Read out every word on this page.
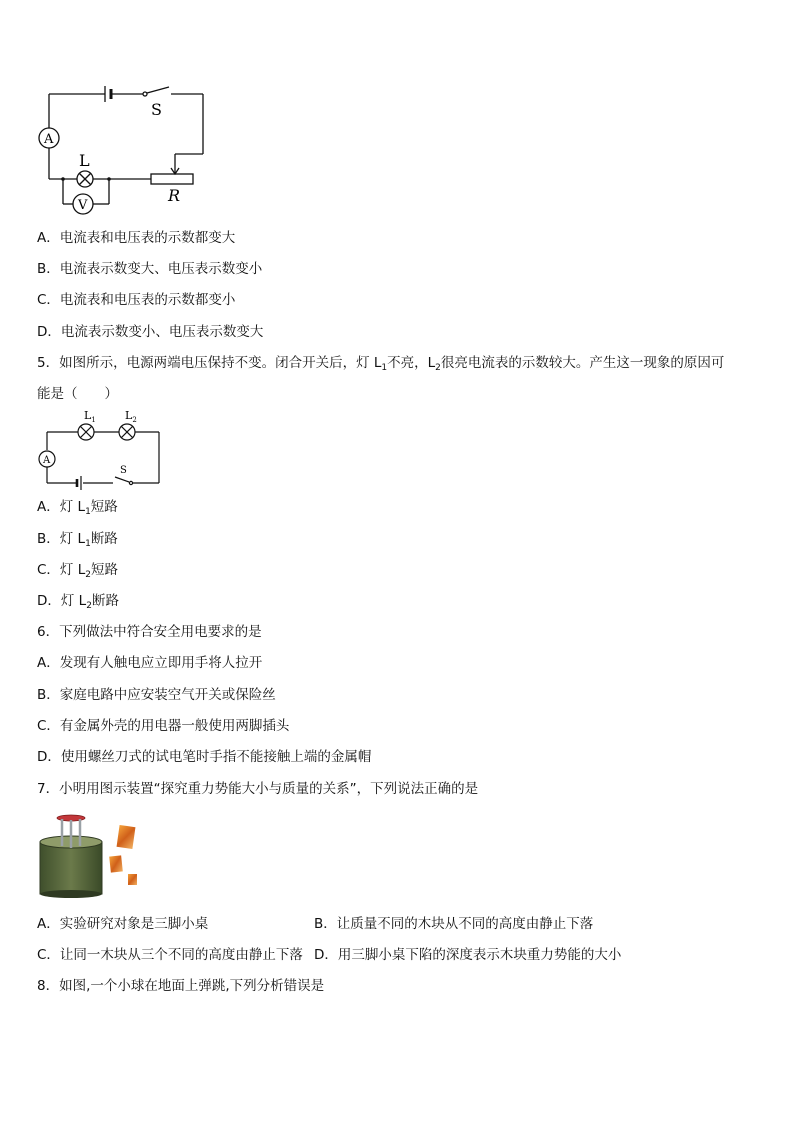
A
V
S
L
R
A．电流表和电压表的示数都变大
B．电流表示数变大、电压表示数变小
C．电流表和电压表的示数都变小
D．电流表示数变小、电压表示数变大
5．如图所示，电源两端电压保持不变。闭合开关后，灯 $L_1$不亮，$L_2$很亮电流表的示数较大。产生这一现象的原因可
能是（　　）
$L_1$	$L_2$
A
S
A．灯 $L_1$短路
B．灯 $L_1$断路
C．灯 $L_2$短路
D．灯 $L_2$断路
6．下列做法中符合安全用电要求的是
A．发现有人触电应立即用手将人拉开
B．家庭电路中应安装空气开关或保险丝
C．有金属外壳的用电器一般使用两脚插头
D．使用螺丝刀式的试电笔时手指不能接触上端的金属帽
7．小明用图示装置“探究重力势能大小与质量的关系”，下列说法正确的是
A．实验研究对象是三脚小桌	B．让质量不同的木块从不同的高度由静止下落
C．让同一木块从三个不同的高度由静止下落 D．用三脚小桌下陷的深度表示木块重力势能的大小
8．如图,一个小球在地面上弹跳,下列分析错误是
